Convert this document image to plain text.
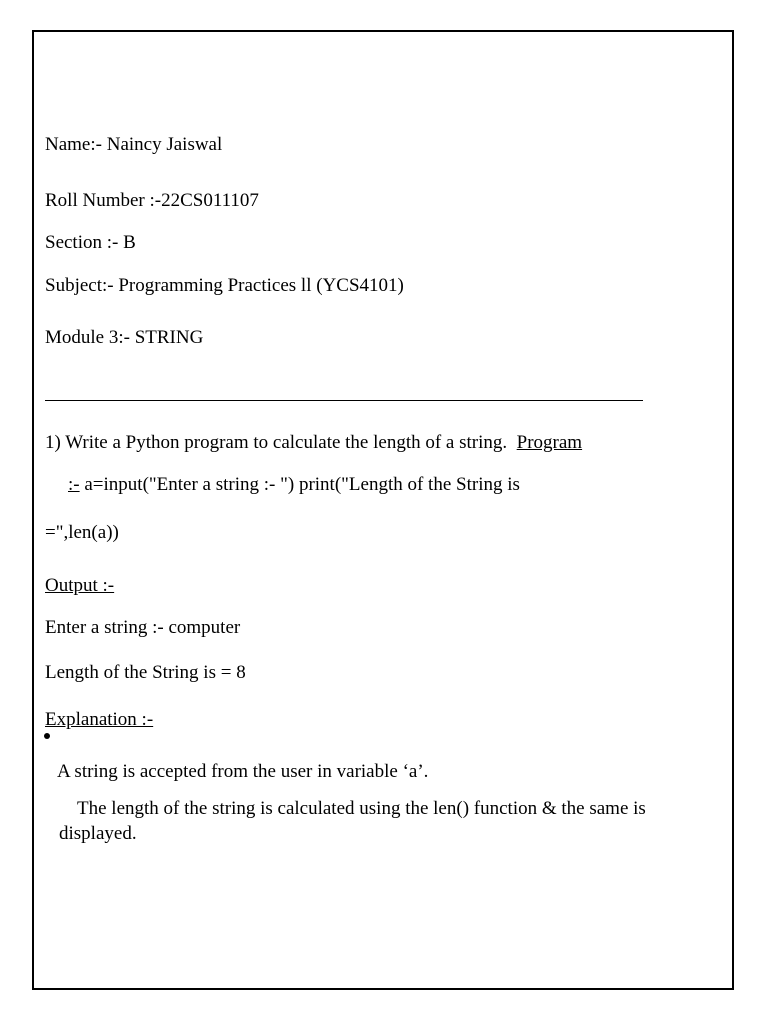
Name:- Naincy Jaiswal
Roll Number :-22CS011107
Section :- B
Subject:- Programming Practices ll (YCS4101)
Module 3:- STRING
1) Write a Python program to calculate the length of a string. Program
:- a=input("Enter a string :- ") print("Length of the String is
=",len(a))
Output :-
Enter a string :- computer
Length of the String is = 8
Explanation :-
A string is accepted from the user in variable ‘a’.
The length of the string is calculated using the len() function & the same is displayed.
